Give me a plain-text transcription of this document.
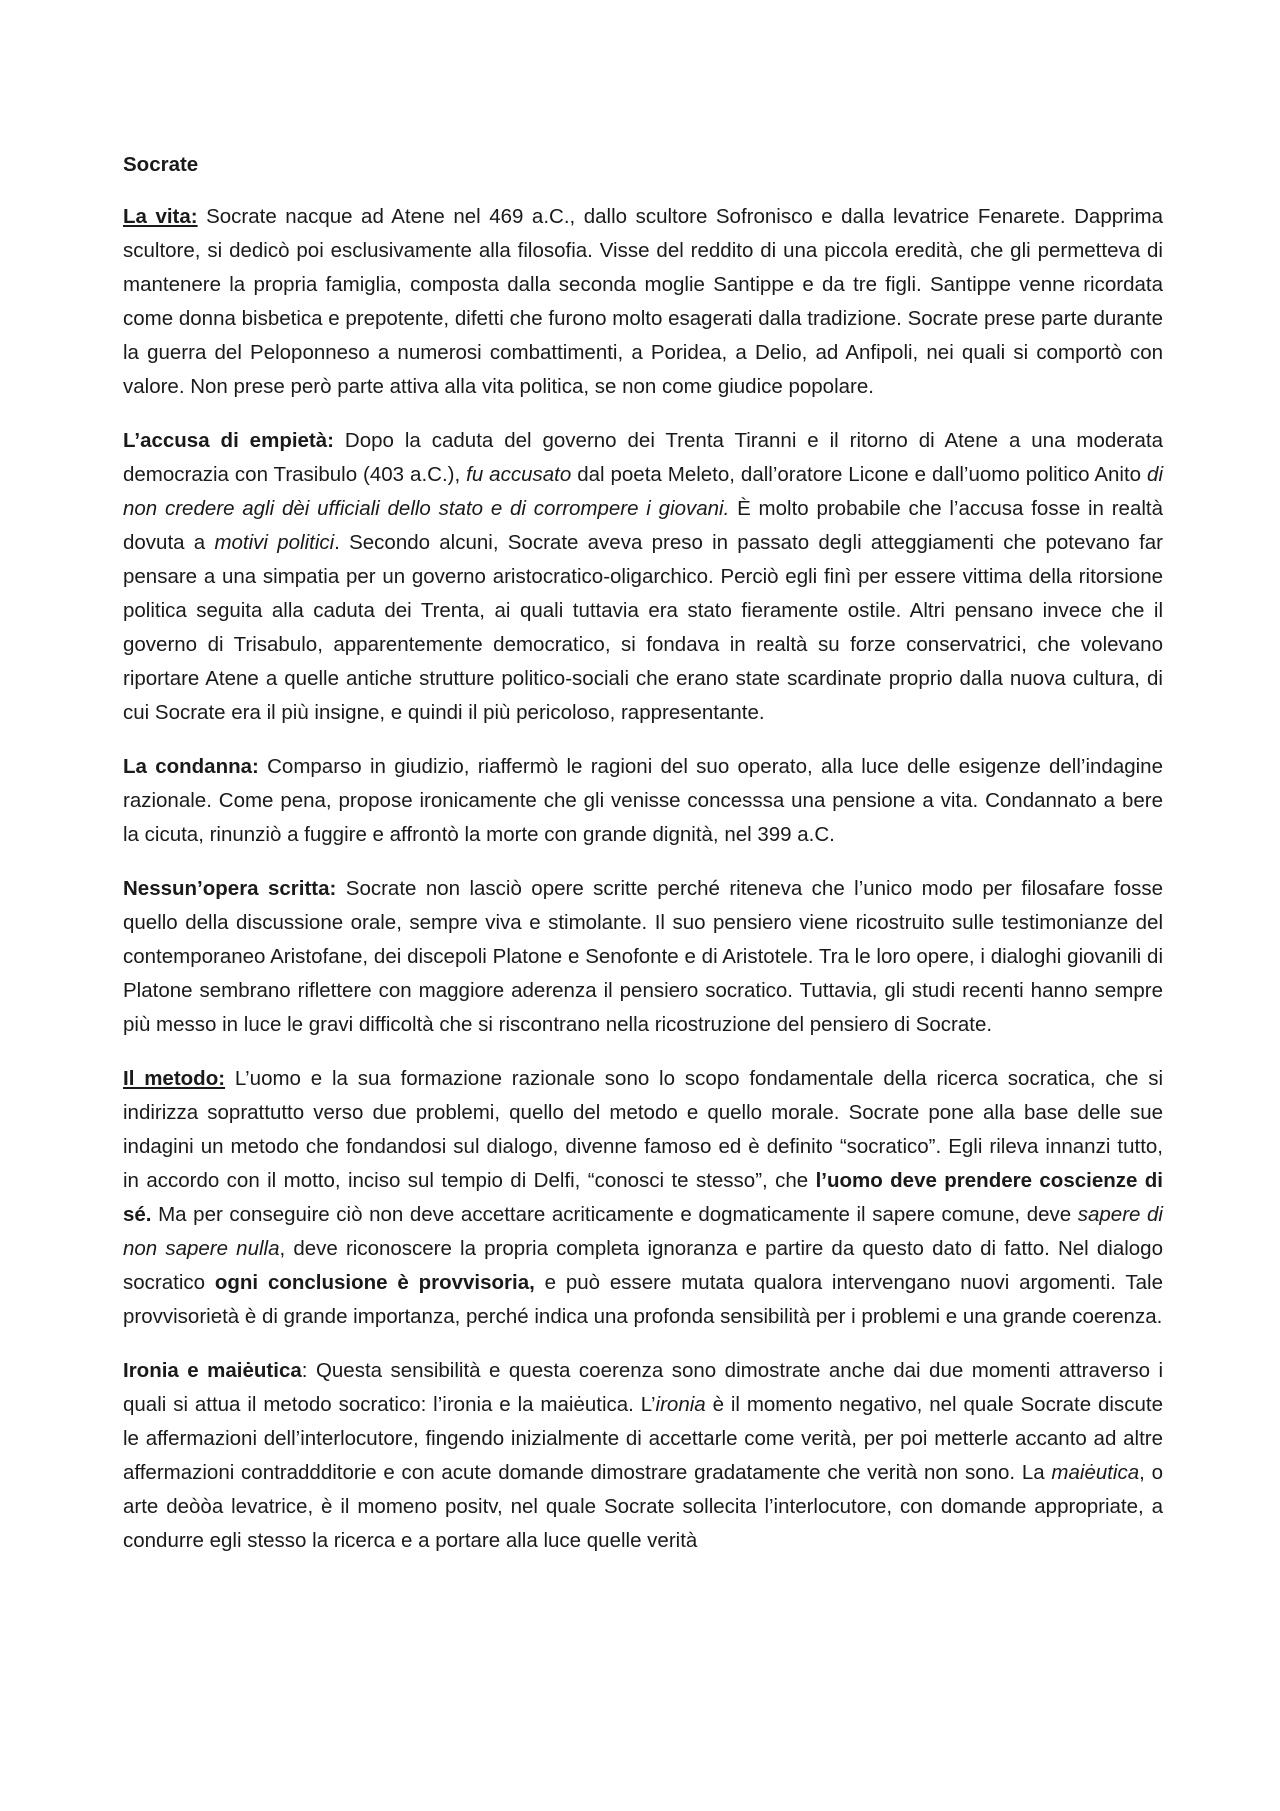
Socrate

La vita: Socrate nacque ad Atene nel 469 a.C., dallo scultore Sofronisco e dalla levatrice Fenarete. Dapprima scultore, si dedicò poi esclusivamente alla filosofia. Visse del reddito di una piccola eredità, che gli permetteva di mantenere la propria famiglia, composta dalla seconda moglie Santippe e da tre figli. Santippe venne ricordata come donna bisbetica e prepotente, difetti che furono molto esagerati dalla tradizione. Socrate prese parte durante la guerra del Peloponneso a numerosi combattimenti, a Poridea, a Delio, ad Anfipoli, nei quali si comportò con valore. Non prese però parte attiva alla vita politica, se non come giudice popolare.

L’accusa di empietà: Dopo la caduta del governo dei Trenta Tiranni e il ritorno di Atene a una moderata democrazia con Trasibulo (403 a.C.), fu accusato dal poeta Meleto, dall’oratore Licone e dall’uomo politico Anito di non credere agli dèi ufficiali dello stato e di corrompere i giovani. È molto probabile che l’accusa fosse in realtà dovuta a motivi politici. Secondo alcuni, Socrate aveva preso in passato degli atteggiamenti che potevano far pensare a una simpatia per un governo aristocratico-oligarchico. Perciò egli finì per essere vittima della ritorsione politica seguita alla caduta dei Trenta, ai quali tuttavia era stato fieramente ostile. Altri pensano invece che il governo di Trisabulo, apparentemente democratico, si fondava in realtà su forze conservatrici, che volevano riportare Atene a quelle antiche strutture politico-sociali che erano state scardinate proprio dalla nuova cultura, di cui Socrate era il più insigne, e quindi il più pericoloso, rappresentante.

La condanna: Comparso in giudizio, riaffermò le ragioni del suo operato, alla luce delle esigenze dell’indagine razionale. Come pena, propose ironicamente che gli venisse concesssa una pensione a vita. Condannato a bere la cicuta, rinunziò a fuggire e affrontò la morte con grande dignità, nel 399 a.C.

Nessun’opera scritta: Socrate non lasciò opere scritte perché riteneva che l’unico modo per filosafare fosse quello della discussione orale, sempre viva e stimolante. Il suo pensiero viene ricostruito sulle testimonianze del contemporaneo Aristofane, dei discepoli Platone e Senofonte e di Aristotele. Tra le loro opere, i dialoghi giovanili di Platone sembrano riflettere con maggiore aderenza il pensiero socratico. Tuttavia, gli studi recenti hanno sempre più messo in luce le gravi difficoltà che si riscontrano nella ricostruzione del pensiero di Socrate.

Il metodo: L’uomo e la sua formazione razionale sono lo scopo fondamentale della ricerca socratica, che si indirizza soprattutto verso due problemi, quello del metodo e quello morale. Socrate pone alla base delle sue indagini un metodo che fondandosi sul dialogo, divenne famoso ed è definito “socratico”. Egli rileva innanzi tutto, in accordo con il motto, inciso sul tempio di Delfi, “conosci te stesso”, che l’uomo deve prendere coscienze di sé. Ma per conseguire ciò non deve accettare acriticamente e dogmaticamente il sapere comune, deve sapere di non sapere nulla, deve riconoscere la propria completa ignoranza e partire da questo dato di fatto. Nel dialogo socratico ogni conclusione è provvisoria, e può essere mutata qualora intervengano nuovi argomenti. Tale provvisorietà è di grande importanza, perché indica una profonda sensibilità per i problemi e una grande coerenza.

Ironia e maiėutica: Questa sensibilità e questa coerenza sono dimostrate anche dai due momenti attraverso i quali si attua il metodo socratico: l’ironia e la maiėutica. L’ironia è il momento negativo, nel quale Socrate discute le affermazioni dell’interlocutore, fingendo inizialmente di accettarle come verità, per poi metterle accanto ad altre affermazioni contraddditorie e con acute domande dimostrare gradatamente che verità non sono. La maiėutica, o arte deòòa levatrice, è il momeno positv, nel quale Socrate sollecita l’interlocutore, con domande appropriate, a condurre egli stesso la ricerca e a portare alla luce quelle verità
